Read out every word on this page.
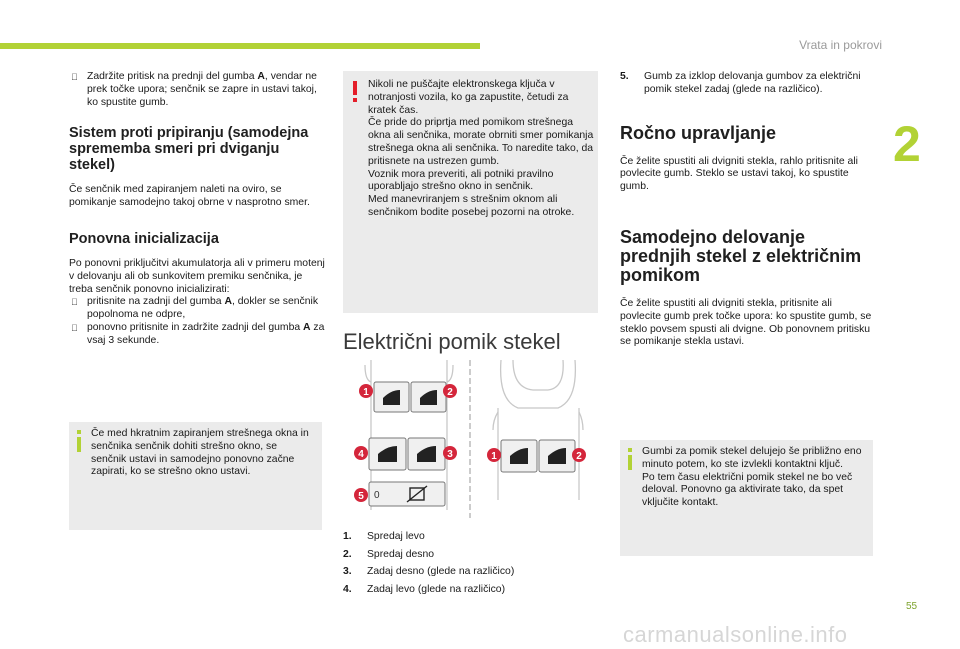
Vrata in pokrovi
2
Zadržite pritisk na prednji del gumba A, vendar ne prek točke upora; senčnik se zapre in ustavi takoj, ko spustite gumb.
Sistem proti pripiranju (samodejna sprememba smeri pri dviganju stekel)

Če senčnik med zapiranjem naleti na oviro, se pomikanje samodejno takoj obrne v nasprotno smer.

Ponovna inicializacija

Po ponovni priključitvi akumulatorja ali v primeru motenj v delovanju ali ob sunkovitem premiku senčnika, je treba senčnik ponovno inicializirati:

pritisnite na zadnji del gumba A, dokler se senčnik popolnoma ne odpre,
ponovno pritisnite in zadržite zadnji del gumba A za vsaj 3 sekunde.

Če med hkratnim zapiranjem strešnega okna in senčnika senčnik dohiti strešno okno, se senčnik ustavi in samodejno ponovno začne zapirati, ko se strešno okno ustavi.

Nikoli ne puščajte elektronskega ključa v notranjosti vozila, ko ga zapustite, četudi za kratek čas.

Če pride do priprtja med pomikom strešnega okna ali senčnika, morate obrniti smer pomikanja strešnega okna ali senčnika. To naredite tako, da pritisnete na ustrezen gumb.

Voznik mora preveriti, ali potniki pravilno uporabljajo strešno okno in senčnik.

Med manevriranjem s strešnim oknom ali senčnikom bodite posebej pozorni na otroke.

Električni pomik stekel
0
1	2
4	3
5
1	2
1. Spredaj levo
2. Spredaj desno
3. Zadaj desno (glede na različico)
4. Zadaj levo (glede na različico)
5. Gumb za izklop delovanja gumbov za električni pomik stekel zadaj (glede na različico).
Ročno upravljanje

Če želite spustiti ali dvigniti stekla, rahlo pritisnite ali povlecite gumb. Steklo se ustavi takoj, ko spustite gumb.

Samodejno delovanje prednjih stekel z električnim pomikom

Če želite spustiti ali dvigniti stekla, pritisnite ali povlecite gumb prek točke upora: ko spustite gumb, se steklo povsem spusti ali dvigne. Ob ponovnem pritisku se pomikanje stekla ustavi.

Gumbi za pomik stekel delujejo še približno eno minuto potem, ko ste izvlekli kontaktni ključ.

Po tem času električni pomik stekel ne bo več deloval. Ponovno ga aktivirate tako, da spet vključite kontakt.

55
carmanualsonline.info
